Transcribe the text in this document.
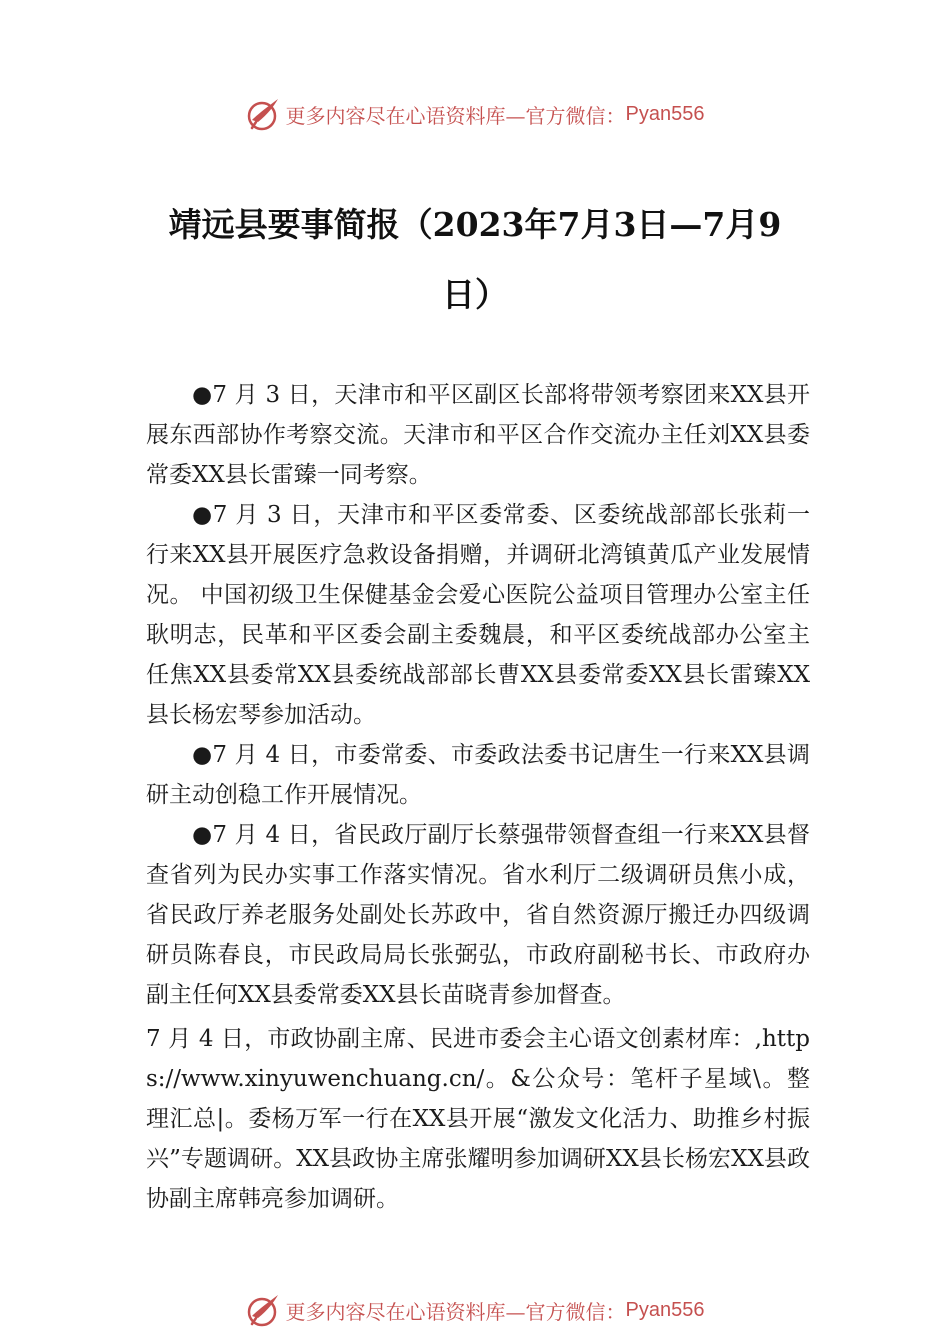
更多内容尽在心语资料库—官方微信： Pyan556
靖远县要事简报（2023年7月3日—7月9日）

●7 月 3 日，天津市和平区副区长部将带领考察团来XX县开展东西部协作考察交流。天津市和平区合作交流办主任刘XX县委常委XX县长雷臻一同考察。

●7 月 3 日，天津市和平区委常委、区委统战部部长张莉一行来XX县开展医疗急救设备捐赠，并调研北湾镇黄瓜产业发展情况。 中国初级卫生保健基金会爱心医院公益项目管理办公室主任耿明志，民革和平区委会副主委魏晨，和平区委统战部办公室主任焦XX县委常XX县委统战部部长曹XX县委常委XX县长雷臻XX县长杨宏琴参加活动。

●7 月 4 日，市委常委、市委政法委书记唐生一行来XX县调研主动创稳工作开展情况。

●7 月 4 日，省民政厅副厅长蔡强带领督查组一行来XX县督查省列为民办实事工作落实情况。省水利厅二级调研员焦小成，省民政厅养老服务处副处长苏政中，省自然资源厅搬迁办四级调研员陈春良，市民政局局长张弼弘，市政府副秘书长、市政府办副主任何XX县委常委XX县长苗晓青参加督查。

7 月 4 日，市政协副主席、民进市委会主心语文创素材库：,https://www.xinyuwenchuang.cn/。&公众号：笔杆子星域\。整理汇总|。委杨万军一行在XX县开展“激发文化活力、助推乡村振兴”专题调研。XX县政协主席张耀明参加调研XX县长杨宏XX县政协副主席韩亮参加调研。

更多内容尽在心语资料库—官方微信： Pyan556
